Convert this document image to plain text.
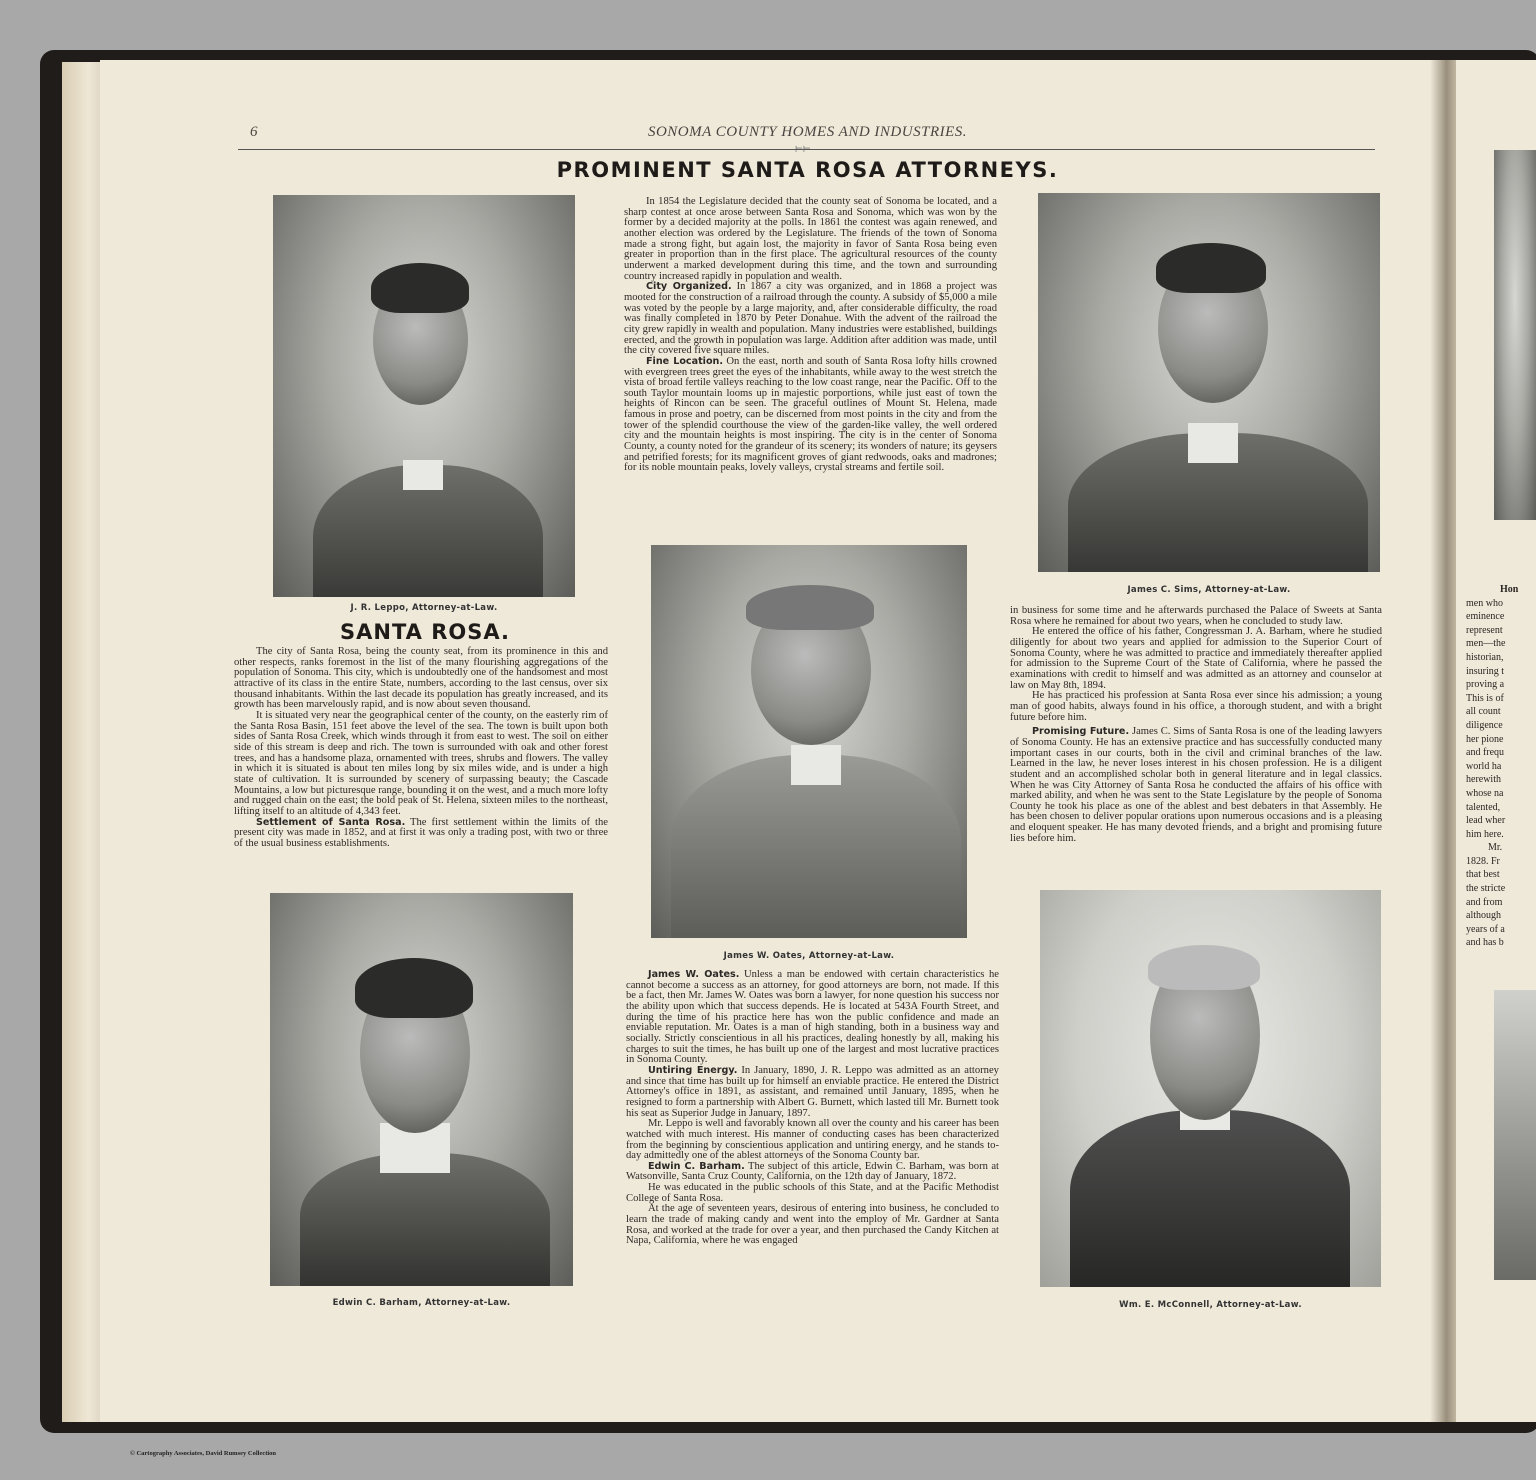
6	SONOMA COUNTY HOMES AND INDUSTRIES.
⊨⊨
PROMINENT SANTA ROSA ATTORNEYS.
J. R. Leppo, Attorney-at-Law.
James C. Sims, Attorney-at-Law.
James W. Oates, Attorney-at-Law.
Edwin C. Barham, Attorney-at-Law.	Wm. E. McConnell, Attorney-at-Law.
SANTA ROSA.

The city of Santa Rosa, being the county seat, from its prominence in this and other respects, ranks foremost in the list of the many flourishing aggregations of the population of Sonoma. This city, which is undoubtedly one of the handsomest and most attractive of its class in the entire State, numbers, according to the last census, over six thousand inhabitants. Within the last decade its population has greatly increased, and its growth has been marvelously rapid, and is now about seven thousand.

It is situated very near the geographical center of the county, on the easterly rim of the Santa Rosa Basin, 151 feet above the level of the sea. The town is built upon both sides of Santa Rosa Creek, which winds through it from east to west. The soil on either side of this stream is deep and rich. The town is surrounded with oak and other forest trees, and has a handsome plaza, ornamented with trees, shrubs and flowers. The valley in which it is situated is about ten miles long by six miles wide, and is under a high state of cultivation. It is surrounded by scenery of surpassing beauty; the Cascade Mountains, a low but picturesque range, bounding it on the west, and a much more lofty and rugged chain on the east; the bold peak of St. Helena, sixteen miles to the northeast, lifting itself to an altitude of 4,343 feet.

Settlement of Santa Rosa. The first settlement within the limits of the present city was made in 1852, and at first it was only a trading post, with two or three of the usual business establishments.

In 1854 the Legislature decided that the county seat of Sonoma be located, and a sharp contest at once arose between Santa Rosa and Sonoma, which was won by the former by a decided majority at the polls. In 1861 the contest was again renewed, and another election was ordered by the Legislature. The friends of the town of Sonoma made a strong fight, but again lost, the majority in favor of Santa Rosa being even greater in proportion than in the first place. The agricultural resources of the county underwent a marked development during this time, and the town and surrounding country increased rapidly in population and wealth.

City Organized. In 1867 a city was organized, and in 1868 a project was mooted for the construction of a railroad through the county. A subsidy of $5,000 a mile was voted by the people by a large majority, and, after considerable difficulty, the road was finally completed in 1870 by Peter Donahue. With the advent of the railroad the city grew rapidly in wealth and population. Many industries were established, buildings erected, and the growth in population was large. Addition after addition was made, until the city covered five square miles.

Fine Location. On the east, north and south of Santa Rosa lofty hills crowned with evergreen trees greet the eyes of the inhabitants, while away to the west stretch the vista of broad fertile valleys reaching to the low coast range, near the Pacific. Off to the south Taylor mountain looms up in majestic porportions, while just east of town the heights of Rincon can be seen. The graceful outlines of Mount St. Helena, made famous in prose and poetry, can be discerned from most points in the city and from the tower of the splendid courthouse the view of the garden-like valley, the well ordered city and the mountain heights is most inspiring. The city is in the center of Sonoma County, a county noted for the grandeur of its scenery; its wonders of nature; its geysers and petrified forests; for its magnificent groves of giant redwoods, oaks and madrones; for its noble mountain peaks, lovely valleys, crystal streams and fertile soil.

James W. Oates. Unless a man be endowed with certain characteristics he cannot become a success as an attorney, for good attorneys are born, not made. If this be a fact, then Mr. James W. Oates was born a lawyer, for none question his success nor the ability upon which that success depends. He is located at 543A Fourth Street, and during the time of his practice here has won the public confidence and made an enviable reputation. Mr. Oates is a man of high standing, both in a business way and socially. Strictly conscientious in all his practices, dealing honestly by all, making his charges to suit the times, he has built up one of the largest and most lucrative practices in Sonoma County.

Untiring Energy. In January, 1890, J. R. Leppo was admitted as an attorney and since that time has built up for himself an enviable practice. He entered the District Attorney's office in 1891, as assistant, and remained until January, 1895, when he resigned to form a partnership with Albert G. Burnett, which lasted till Mr. Burnett took his seat as Superior Judge in January, 1897.

Mr. Leppo is well and favorably known all over the county and his career has been watched with much interest. His manner of conducting cases has been characterized from the beginning by conscientious application and untiring energy, and he stands to-day admittedly one of the ablest attorneys of the Sonoma County bar.

Edwin C. Barham. The subject of this article, Edwin C. Barham, was born at Watsonville, Santa Cruz County, California, on the 12th day of January, 1872.

He was educated in the public schools of this State, and at the Pacific Methodist College of Santa Rosa.

At the age of seventeen years, desirous of entering into business, he concluded to learn the trade of making candy and went into the employ of Mr. Gardner at Santa Rosa, and worked at the trade for over a year, and then purchased the Candy Kitchen at Napa, California, where he was engaged

in business for some time and he afterwards purchased the Palace of Sweets at Santa Rosa where he remained for about two years, when he concluded to study law.

He entered the office of his father, Congressman J. A. Barham, where he studied diligently for about two years and applied for admission to the Superior Court of Sonoma County, where he was admitted to practice and immediately thereafter applied for admission to the Supreme Court of the State of California, where he passed the examinations with credit to himself and was admitted as an attorney and counselor at law on May 8th, 1894.

He has practiced his profession at Santa Rosa ever since his admission; a young man of good habits, always found in his office, a thorough student, and with a bright future before him.

Promising Future. James C. Sims of Santa Rosa is one of the leading lawyers of Sonoma County. He has an extensive practice and has successfully conducted many important cases in our courts, both in the civil and criminal branches of the law. Learned in the law, he never loses interest in his chosen profession. He is a diligent student and an accomplished scholar both in general literature and in legal classics. When he was City Attorney of Santa Rosa he conducted the affairs of his office with marked ability, and when he was sent to the State Legislature by the people of Sonoma County he took his place as one of the ablest and best debaters in that Assembly. He has been chosen to deliver popular orations upon numerous occasions and is a pleasing and eloquent speaker. He has many devoted friends, and a bright and promising future lies before him.

Hon
men who
eminence
represent
men—the
historian,
insuring t
proving a
This is of
all count
diligence
her pione
and frequ
world ha
herewith
whose na
talented,
lead wher
him here.
Mr.
1828. Fr
that best
the stricte
and from
although
years of a
and has b
© Cartography Associates, David Rumsey Collection
